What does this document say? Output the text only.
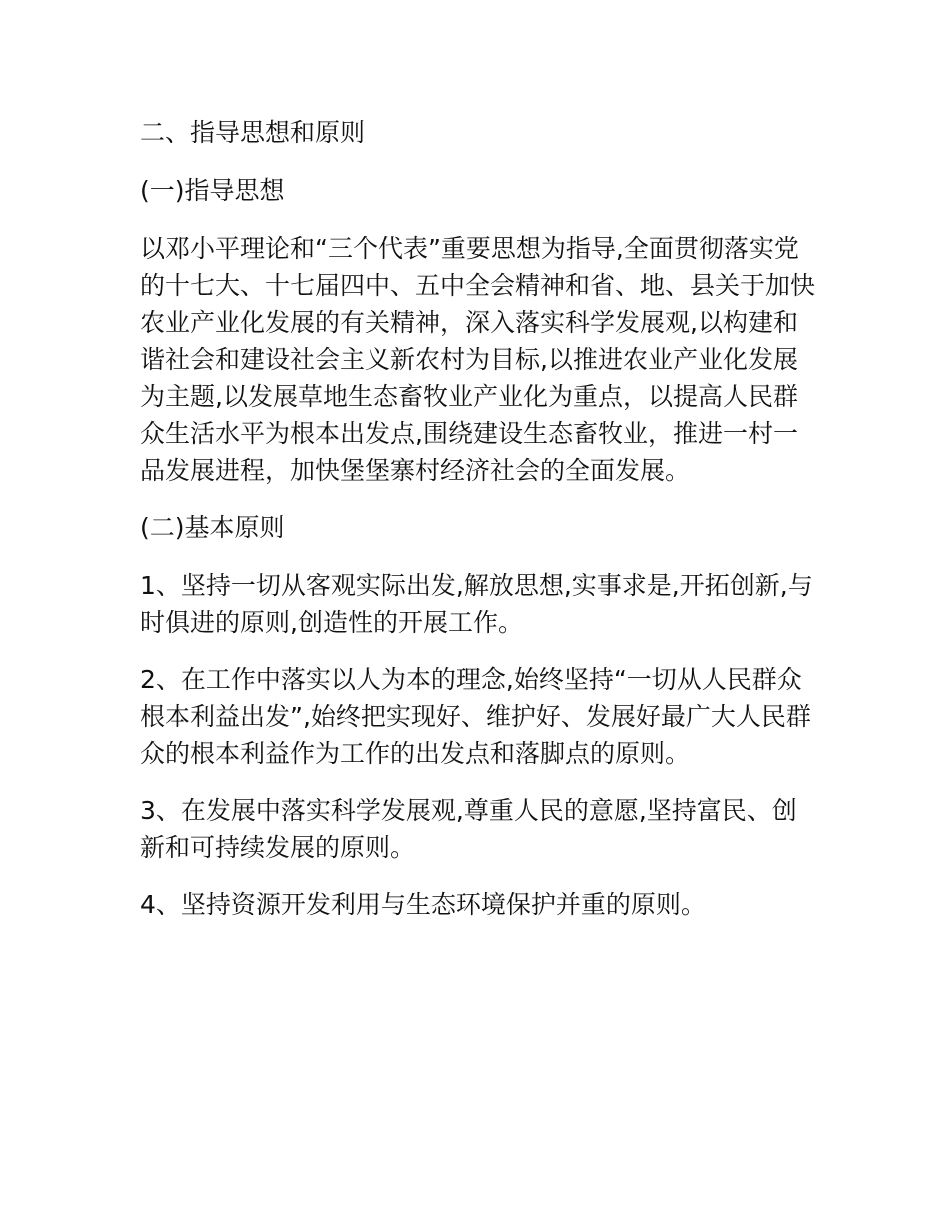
二、指导思想和原则

(一)指导思想

以邓小平理论和“三个代表”重要思想为指导,全面贯彻落实党的十七大、十七届四中、五中全会精神和省、地、县关于加快农业产业化发展的有关精神，深入落实科学发展观,以构建和谐社会和建设社会主义新农村为目标,以推进农业产业化发展为主题,以发展草地生态畜牧业产业化为重点，以提高人民群众生活水平为根本出发点,围绕建设生态畜牧业，推进一村一品发展进程，加快堡堡寨村经济社会的全面发展。

(二)基本原则

1、坚持一切从客观实际出发,解放思想,实事求是,开拓创新,与时俱进的原则,创造性的开展工作。

2、在工作中落实以人为本的理念,始终坚持“一切从人民群众根本利益出发”,始终把实现好、维护好、发展好最广大人民群众的根本利益作为工作的出发点和落脚点的原则。

3、在发展中落实科学发展观,尊重人民的意愿,坚持富民、创新和可持续发展的原则。

4、坚持资源开发利用与生态环境保护并重的原则。
